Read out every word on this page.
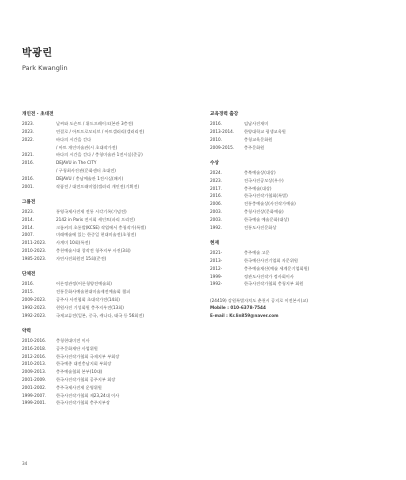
박광린
Park Kwanglin
개인전 · 초대전
2023.	날씨와 도슨트 / 위드프레이크(본관 3층전)
2023.	연결로 / 아트프로모티브 / 아트갤러리(갤러리전)
2022.	바다의 시간을 걷다
/ 아트 개인미술관(시 초대작가전)
2021.	바다의 시간을 걷다 / 충청미술관 1전시실(준공)
2016.	DEJAVU in The CITY
/ 구청최사진관(문화센터 초대전)
2016.	DEJAVU / 충남예술관 1전시실(패키)
2001.	작품전 / 대전프래미엄(갤러리 개인전(기획전)
그룹전
2023.	통영국제사진제 전통 시각기록(기념전)
2014.	2142 in Paris 전시회 세인트(파리 프리전)
2014.	크롬커의 초롱발(KCSE) 작업에서 충청작가(특별)
2007.	미래예술에 있는 한중일 현대미술전(초청전)
2011-2023.	사계미 10회(특전)
2010-2023.	충천예술시대 창작전 청주지부 사진(3회)
1985-2023.	자연사진회원전 15회(준전)
단체전
2016.	어른정관정(어른청양전예술회)
2015.	전통문화사예술현대미술제전예술회 챔피
2009-2023.	공주사 사진협회 초대작가전(14회)
1992-2023.	현원사진 기성회원 충주지우전(13회)
1992-2023.	국제교류전(일본, 중국, 캐나다, 태국 등 56회전)
약력
2010-2016.	충청현대미전 이사
2016-2018.	공주문화재단 사업위원
2012-2016.	한국사진작가협회 국제지부 부회장
2010-2013.	한국예총 대전충남지회 부회장
2009-2013.	충주예술협회 본부(10대)
2001-2009.	한국사진작가협회 공주지부 회장
2001-2002.	충주국제사진제 운영위원
1999-2007.	한국사진작가협회 제23,24대 이사
1999-2001.	한국사진작가협회 충주지부장
교육경력 출강
2016.	임남사진재미
2013-2014.	한양대학교 평생교육원
2010.	충청교육문화원
2009-2015.	충주문화원
수상
2024.	충북예술상(대상)
2023.	전국사진공모상(우수)
2017.	충주예술(대상)
2016.	한국사진작가협회(특별)
2006.	전통충예술상(사진작가예술)
2003.	충청사진상(문화예술)
2003.	한국예술 예술문화(대상)
1992.	전통도사진문화상
현재
2021-	충주예술 고문
2013-	한국예산사진기업회 자문위원
2012-	충주예술재산(예술 세계문기업회원)
1999-	정관도사진작가 정사회이사
1992-	한국사진작가협회 충청지부 회원
(24419) 강원특별자치도 춘천시 공지로 이전본시(교)
Mobile : 010-6378-7544
E-mail : Kr.lin859@naver.com
34
